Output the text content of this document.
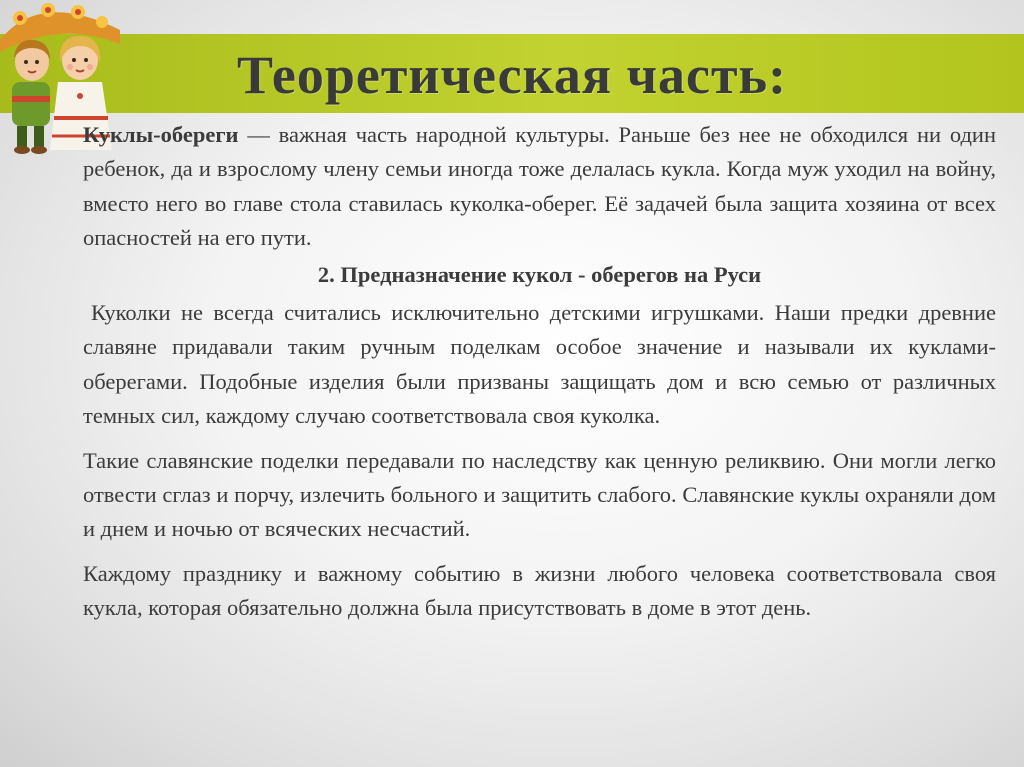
Теоретическая часть:

Куклы-обереги — важная часть народной культуры. Раньше без нее не обходился ни один ребенок, да и взрослому члену семьи иногда тоже делалась кукла. Когда муж уходил на войну, вместо него во главе стола ставилась куколка-оберег. Её задачей была защита хозяина от всех опасностей на его пути.

2. Предназначение кукол - оберегов на Руси

Куколки не всегда считались исключительно детскими игрушками. Наши предки древние славяне придавали таким ручным поделкам особое значение и называли их куклами- оберегами. Подобные изделия были призваны защищать дом и всю семью от различных темных сил, каждому случаю соответствовала своя куколка.

Такие славянские поделки передавали по наследству как ценную реликвию. Они могли легко отвести сглаз и порчу, излечить больного и защитить слабого. Славянские куклы охраняли дом и днем и ночью от всяческих несчастий.

Каждому празднику и важному событию в жизни любого человека соответствовала своя кукла, которая обязательно должна была присутствовать в доме в этот день.
